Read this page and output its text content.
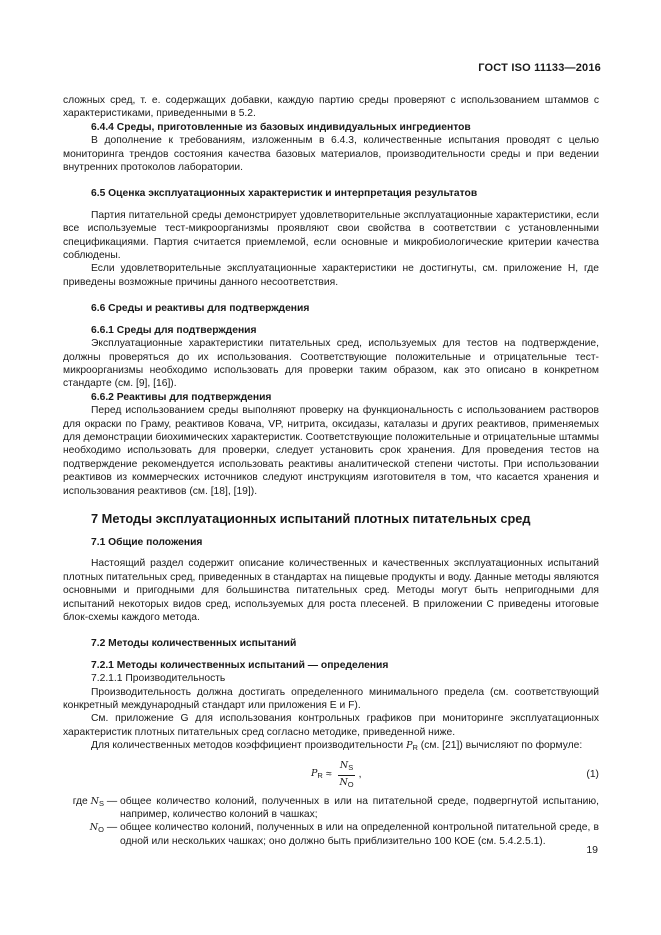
ГОСТ ISO 11133—2016

сложных сред, т. е. содержащих добавки, каждую партию среды проверяют с использованием штаммов с характеристиками, приведенными в 5.2.

6.4.4 Среды, приготовленные из базовых индивидуальных ингредиентов

В дополнение к требованиям, изложенным в 6.4.3, количественные испытания проводят с целью мониторинга трендов состояния качества базовых материалов, производительности среды и при ведении внутренних протоколов лаборатории.

6.5 Оценка эксплуатационных характеристик и интерпретация результатов

Партия питательной среды демонстрирует удовлетворительные эксплуатационные характеристики, если все используемые тест-микроорганизмы проявляют свои свойства в соответствии с установленными спецификациями. Партия считается приемлемой, если основные и микробиологические критерии качества соблюдены.

Если удовлетворительные эксплуатационные характеристики не достигнуты, см. приложение Н, где приведены возможные причины данного несоответствия.

6.6 Среды и реактивы для подтверждения

6.6.1 Среды для подтверждения

Эксплуатационные характеристики питательных сред, используемых для тестов на подтверждение, должны проверяться до их использования. Соответствующие положительные и отрицательные тест-микроорганизмы необходимо использовать для проверки таким образом, как это описано в конкретном стандарте (см. [9], [16]).

6.6.2 Реактивы для подтверждения

Перед использованием среды выполняют проверку на функциональность с использованием растворов для окраски по Граму, реактивов Ковача, VP, нитрита, оксидазы, каталазы и других реактивов, применяемых для демонстрации биохимических характеристик. Соответствующие положительные и отрицательные штаммы необходимо использовать для проверки, следует установить срок хранения. Для проведения тестов на подтверждение рекомендуется использовать реактивы аналитической степени чистоты. При использовании реактивов из коммерческих источников следуют инструкциям изготовителя в том, что касается хранения и использования реактивов (см. [18], [19]).

7 Методы эксплуатационных испытаний плотных питательных сред

7.1 Общие положения

Настоящий раздел содержит описание количественных и качественных эксплуатационных испытаний плотных питательных сред, приведенных в стандартах на пищевые продукты и воду. Данные методы являются основными и пригодными для большинства питательных сред. Методы могут быть непригодными для испытаний некоторых видов сред, используемых для роста плесеней. В приложении С приведены итоговые блок-схемы каждого метода.

7.2 Методы количественных испытаний

7.2.1 Методы количественных испытаний — определения

7.2.1.1 Производительность

Производительность должна достигать определенного минимального предела (см. соответствующий конкретный международный стандарт или приложения Е и F).

См. приложение G для использования контрольных графиков при мониторинге эксплуатационных характеристик плотных питательных сред согласно методике, приведенной ниже.

Для количественных методов коэффициент производительности $P_R$ (см. [21]) вычисляют по формуле:

$P_R \approx \frac{N_S}{N_O}$ ,	(1)
где $N_S$ — общее количество колоний, полученных в или на питательной среде, подвергнутой испытанию, например, количество колоний в чашках;
$N_O$ — общее количество колоний, полученных в или на определенной контрольной питательной среде, в одной или нескольких чашках; оно должно быть приблизительно 100 КОЕ (см. 5.4.2.5.1).
19
